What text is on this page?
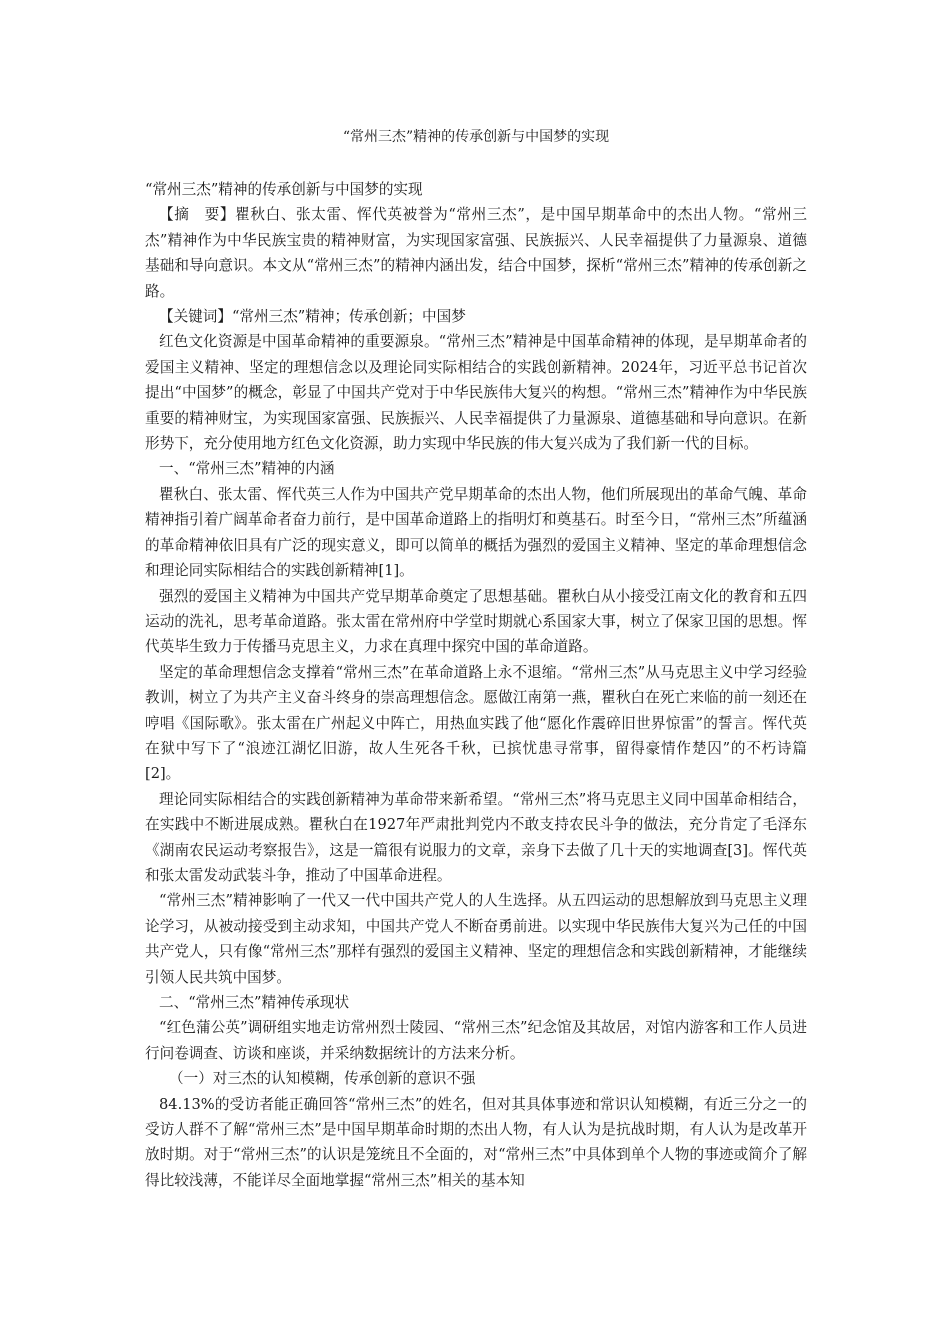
“常州三杰”精神的传承创新与中国梦的实现

“常州三杰”精神的传承创新与中国梦的实现

【摘　要】瞿秋白、张太雷、恽代英被誉为“常州三杰”，是中国早期革命中的杰出人物。“常州三杰”精神作为中华民族宝贵的精神财富，为实现国家富强、民族振兴、人民幸福提供了力量源泉、道德基础和导向意识。本文从“常州三杰”的精神内涵出发，结合中国梦，探析“常州三杰”精神的传承创新之路。

【关键词】“常州三杰”精神；传承创新；中国梦

红色文化资源是中国革命精神的重要源泉。“常州三杰”精神是中国革命精神的体现，是早期革命者的爱国主义精神、坚定的理想信念以及理论同实际相结合的实践创新精神。2024年，习近平总书记首次提出“中国梦”的概念，彰显了中国共产党对于中华民族伟大复兴的构想。“常州三杰”精神作为中华民族重要的精神财宝，为实现国家富强、民族振兴、人民幸福提供了力量源泉、道德基础和导向意识。在新形势下，充分使用地方红色文化资源，助力实现中华民族的伟大复兴成为了我们新一代的目标。

一、“常州三杰”精神的内涵

瞿秋白、张太雷、恽代英三人作为中国共产党早期革命的杰出人物，他们所展现出的革命气魄、革命精神指引着广阔革命者奋力前行，是中国革命道路上的指明灯和奠基石。时至今日，“常州三杰”所蕴涵的革命精神依旧具有广泛的现实意义，即可以简单的概括为强烈的爱国主义精神、坚定的革命理想信念和理论同实际相结合的实践创新精神[1]。

强烈的爱国主义精神为中国共产党早期革命奠定了思想基础。瞿秋白从小接受江南文化的教育和五四运动的洗礼，思考革命道路。张太雷在常州府中学堂时期就心系国家大事，树立了保家卫国的思想。恽代英毕生致力于传播马克思主义，力求在真理中探究中国的革命道路。

坚定的革命理想信念支撑着“常州三杰”在革命道路上永不退缩。“常州三杰”从马克思主义中学习经验教训，树立了为共产主义奋斗终身的崇高理想信念。愿做江南第一燕，瞿秋白在死亡来临的前一刻还在哼唱《国际歌》。张太雷在广州起义中阵亡，用热血实践了他“愿化作震碎旧世界惊雷”的誓言。恽代英在狱中写下了“浪迹江湖忆旧游，故人生死各千秋，已摈忧患寻常事，留得豪情作楚囚”的不朽诗篇[2]。

理论同实际相结合的实践创新精神为革命带来新希望。“常州三杰”将马克思主义同中国革命相结合，在实践中不断进展成熟。瞿秋白在1927年严肃批判党内不敢支持农民斗争的做法，充分肯定了毛泽东《湖南农民运动考察报告》，这是一篇很有说服力的文章，亲身下去做了几十天的实地调查[3]。恽代英和张太雷发动武装斗争，推动了中国革命进程。

“常州三杰”精神影响了一代又一代中国共产党人的人生选择。从五四运动的思想解放到马克思主义理论学习，从被动接受到主动求知，中国共产党人不断奋勇前进。以实现中华民族伟大复兴为己任的中国共产党人，只有像“常州三杰”那样有强烈的爱国主义精神、坚定的理想信念和实践创新精神，才能继续引领人民共筑中国梦。

二、“常州三杰”精神传承现状

“红色蒲公英”调研组实地走访常州烈士陵园、“常州三杰”纪念馆及其故居，对馆内游客和工作人员进行问卷调查、访谈和座谈，并采纳数据统计的方法来分析。

（一）对三杰的认知模糊，传承创新的意识不强

84.13%的受访者能正确回答“常州三杰”的姓名，但对其具体事迹和常识认知模糊，有近三分之一的受访人群不了解“常州三杰”是中国早期革命时期的杰出人物，有人认为是抗战时期，有人认为是改革开放时期。对于“常州三杰”的认识是笼统且不全面的，对“常州三杰”中具体到单个人物的事迹或简介了解得比较浅薄，不能详尽全面地掌握“常州三杰”相关的基本知
